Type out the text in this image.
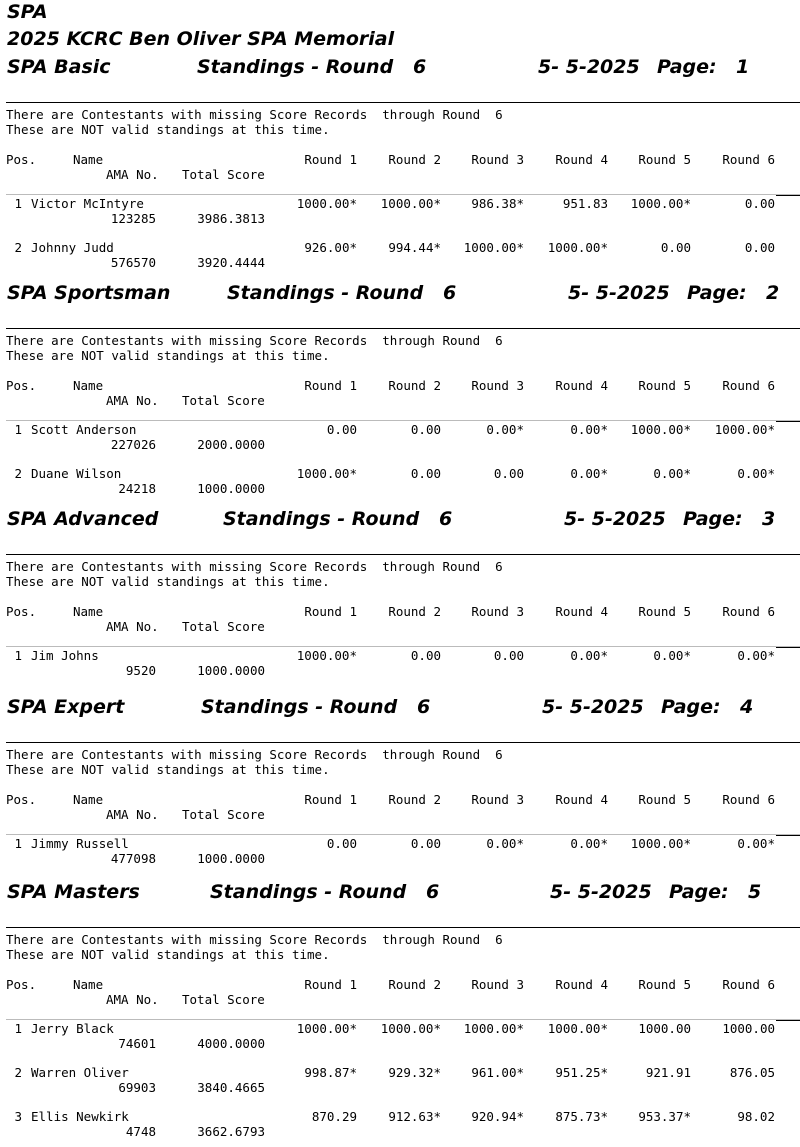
SPA
2025 KCRC Ben Oliver SPA Memorial
SPA Basic	Standings - Round   6	5- 5-2025 Page: 1
There are Contestants with missing Score Records  through Round  6
These are NOT valid standings at this time.
Pos.	Name	Round 1	Round 2	Round 3	Round 4	Round 5	Round 6
AMA No. Total Score
1 Victor McIntyre	1000.00*	1000.00*	986.38*	951.83	1000.00*	0.00
123285	3986.3813
2 Johnny Judd	926.00*	994.44*	1000.00*	1000.00*	0.00	0.00
576570	3920.4444
SPA Sportsman	Standings - Round   6	5- 5-2025 Page: 2
There are Contestants with missing Score Records  through Round  6
These are NOT valid standings at this time.
Pos.	Name	Round 1	Round 2	Round 3	Round 4	Round 5	Round 6
AMA No. Total Score
1 Scott Anderson	0.00	0.00	0.00*	0.00*	1000.00*	1000.00*
227026	2000.0000
2 Duane Wilson	1000.00*	0.00	0.00	0.00*	0.00*	0.00*
24218	1000.0000
SPA Advanced	Standings - Round   6	5- 5-2025 Page: 3
There are Contestants with missing Score Records  through Round  6
These are NOT valid standings at this time.
Pos.	Name	Round 1	Round 2	Round 3	Round 4	Round 5	Round 6
AMA No. Total Score
1 Jim Johns	1000.00*	0.00	0.00	0.00*	0.00*	0.00*
9520	1000.0000
SPA Expert	Standings - Round   6	5- 5-2025 Page: 4
There are Contestants with missing Score Records  through Round  6
These are NOT valid standings at this time.
Pos.	Name	Round 1	Round 2	Round 3	Round 4	Round 5	Round 6
AMA No. Total Score
1 Jimmy Russell	0.00	0.00	0.00*	0.00*	1000.00*	0.00*
477098	1000.0000
SPA Masters	Standings - Round   6	5- 5-2025 Page: 5
There are Contestants with missing Score Records  through Round  6
These are NOT valid standings at this time.
Pos.	Name	Round 1	Round 2	Round 3	Round 4	Round 5	Round 6
AMA No. Total Score
1 Jerry Black	1000.00*	1000.00*	1000.00*	1000.00*	1000.00	1000.00
74601	4000.0000
2 Warren Oliver	998.87*	929.32*	961.00*	951.25*	921.91	876.05
69903	3840.4665
3 Ellis Newkirk	870.29	912.63*	920.94*	875.73*	953.37*	98.02
4748	3662.6793
